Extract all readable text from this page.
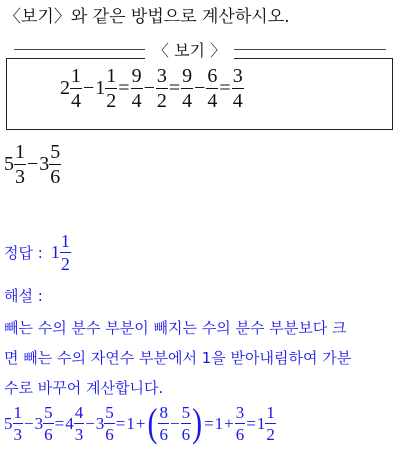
〈보기〉와 같은 방법으로 계산하시오.
〈 보기 〉
$2 \frac{1}{4} - 1 \frac{1}{2} = \frac{9}{4} - \frac{3}{2} = \frac{9}{4} - \frac{6}{4} = \frac{3}{4}$
$5 \frac{1}{3} - 3 \frac{5}{6}$
정답 : $1 \frac{1}{2}$
해설 :
빼는 수의 분수 부분이 빼지는 수의 분수 부분보다 크
면 빼는 수의 자연수 부분에서 1을 받아내림하여 가분
수로 바꾸어 계산합니다.
$5 \frac{1}{3} - 3 \frac{5}{6} = 4 \frac{4}{3} - 3 \frac{5}{6} = 1$ + ( $\frac{8}{6} - \frac{5}{6}$ ) = $1 + \frac{3}{6} = 1 \frac{1}{2}$
